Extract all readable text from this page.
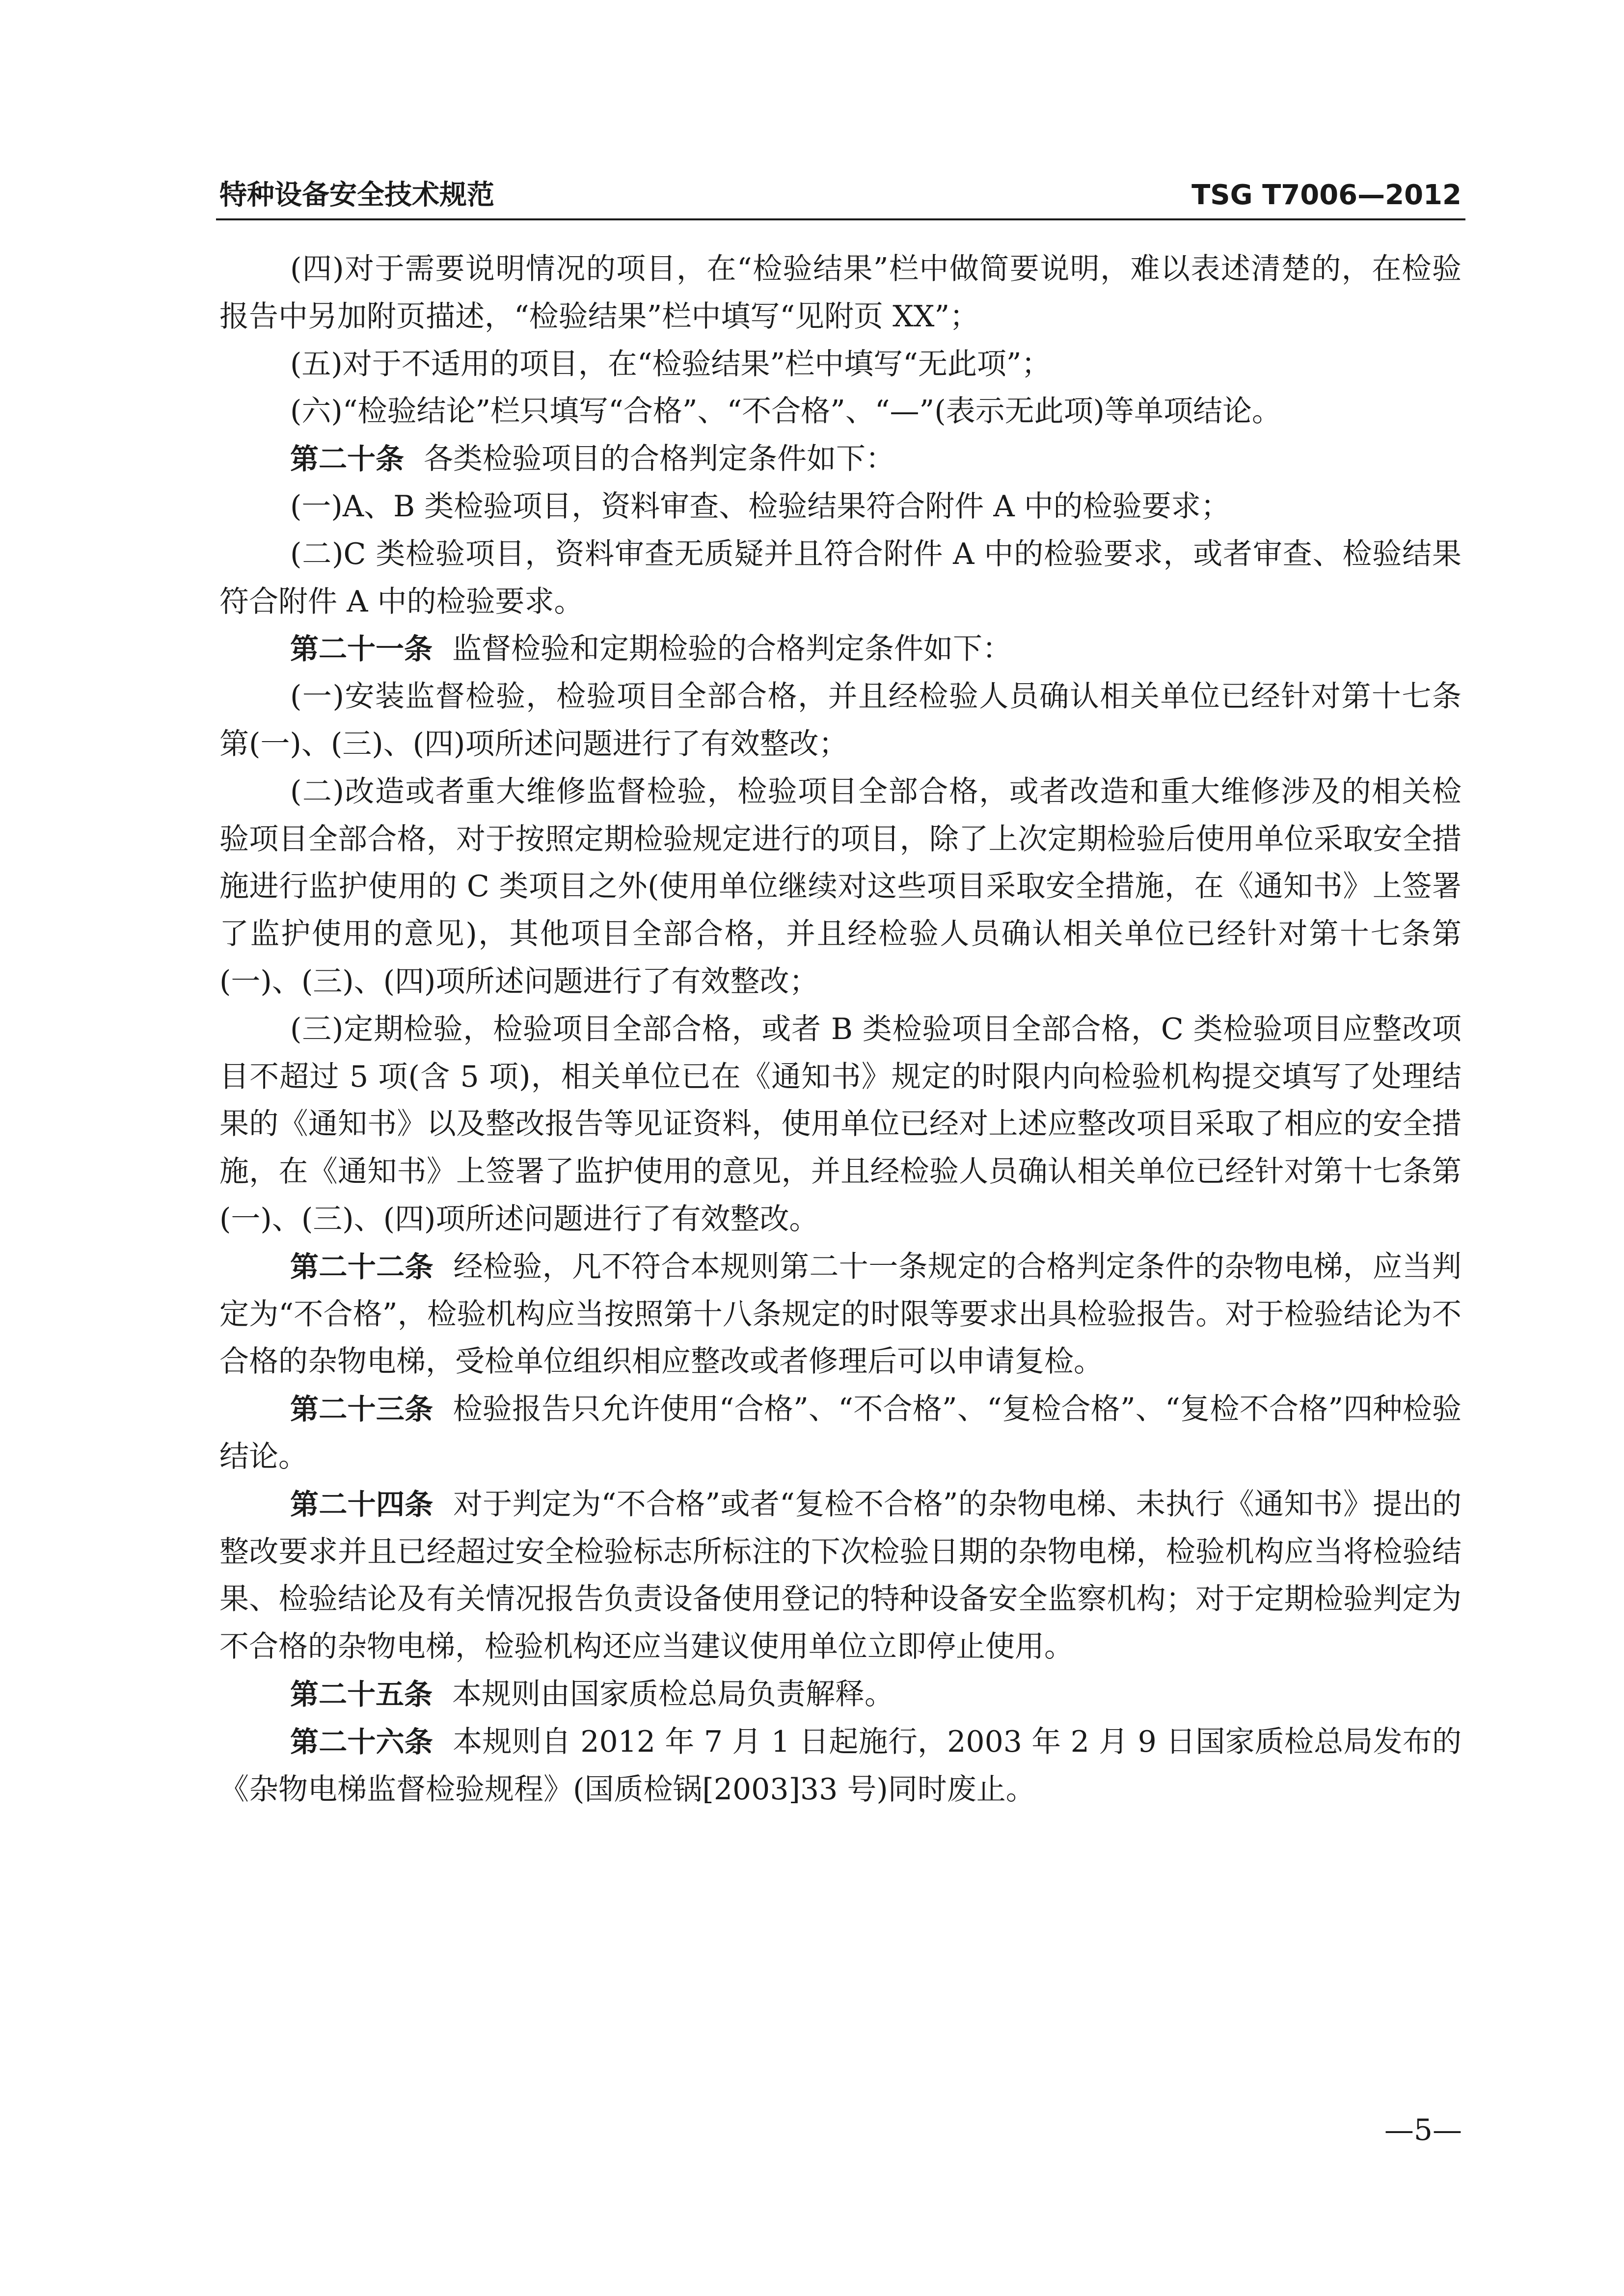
特种设备安全技术规范	TSG T7006—2012

(四)对于需要说明情况的项目，在“检验结果”栏中做简要说明，难以表述清楚的，在检验报告中另加附页描述，“检验结果”栏中填写“见附页 XX”；

(五)对于不适用的项目，在“检验结果”栏中填写“无此项”；

(六)“检验结论”栏只填写“合格”、“不合格”、“—”(表示无此项)等单项结论。

第二十条 各类检验项目的合格判定条件如下：

(一)A、B 类检验项目，资料审查、检验结果符合附件 A 中的检验要求；

(二)C 类检验项目，资料审查无质疑并且符合附件 A 中的检验要求，或者审查、检验结果符合附件 A 中的检验要求。

第二十一条 监督检验和定期检验的合格判定条件如下：

(一)安装监督检验，检验项目全部合格，并且经检验人员确认相关单位已经针对第十七条第(一)、(三)、(四)项所述问题进行了有效整改；

(二)改造或者重大维修监督检验，检验项目全部合格，或者改造和重大维修涉及的相关检验项目全部合格，对于按照定期检验规定进行的项目，除了上次定期检验后使用单位采取安全措施进行监护使用的 C 类项目之外(使用单位继续对这些项目采取安全措施，在《通知书》上签署了监护使用的意见)，其他项目全部合格，并且经检验人员确认相关单位已经针对第十七条第(一)、(三)、(四)项所述问题进行了有效整改；

(三)定期检验，检验项目全部合格，或者 B 类检验项目全部合格，C 类检验项目应整改项目不超过 5 项(含 5 项)，相关单位已在《通知书》规定的时限内向检验机构提交填写了处理结果的《通知书》以及整改报告等见证资料，使用单位已经对上述应整改项目采取了相应的安全措施，在《通知书》上签署了监护使用的意见，并且经检验人员确认相关单位已经针对第十七条第(一)、(三)、(四)项所述问题进行了有效整改。

第二十二条 经检验，凡不符合本规则第二十一条规定的合格判定条件的杂物电梯，应当判定为“不合格”，检验机构应当按照第十八条规定的时限等要求出具检验报告。对于检验结论为不合格的杂物电梯，受检单位组织相应整改或者修理后可以申请复检。

第二十三条 检验报告只允许使用“合格”、“不合格”、“复检合格”、“复检不合格”四种检验结论。

第二十四条 对于判定为“不合格”或者“复检不合格”的杂物电梯、未执行《通知书》提出的整改要求并且已经超过安全检验标志所标注的下次检验日期的杂物电梯，检验机构应当将检验结果、检验结论及有关情况报告负责设备使用登记的特种设备安全监察机构；对于定期检验判定为不合格的杂物电梯，检验机构还应当建议使用单位立即停止使用。

第二十五条 本规则由国家质检总局负责解释。

第二十六条 本规则自 2012 年 7 月 1 日起施行，2003 年 2 月 9 日国家质检总局发布的《杂物电梯监督检验规程》(国质检锅[2003]33 号)同时废止。

—5—
